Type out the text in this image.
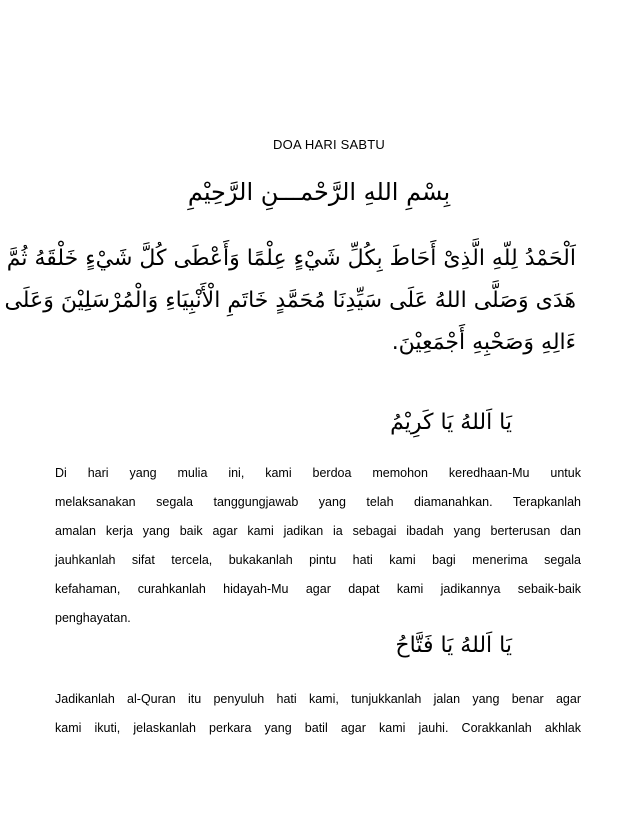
DOA HARI SABTU
بِسْمِ اللهِ الرَّحْمـــنِ الرَّحِيْمِ
اَلْحَمْدُ لِلّهِ الَّذِىْ أَحَاطَ بِكُلِّ شَيْءٍ عِلْمًا وَأَعْطَى كُلَّ شَيْءٍ خَلْقَهُ ثُمَّ
هَدَى وَصَلَّى اللهُ عَلَى سَيِّدِنَا مُحَمَّدٍ خَاتَمِ الْأَنْبِيَاءِ وَالْمُرْسَلِيْنَ وَعَلَى
ءَالِهِ وَصَحْبِهِ أَجْمَعِيْنَ.
يَا اَللهُ يَا كَرِيْمُ
Di hari yang mulia ini, kami berdoa memohon keredhaan-Mu untuk
melaksanakan segala tanggungjawab yang telah diamanahkan. Terapkanlah
amalan kerja yang baik agar kami jadikan ia sebagai ibadah yang berterusan dan
jauhkanlah sifat tercela, bukakanlah pintu hati kami bagi menerima segala
kefahaman, curahkanlah hidayah-Mu agar dapat kami jadikannya sebaik-baik
penghayatan.
يَا اَللهُ يَا فَتَّاحُ
Jadikanlah al-Quran itu penyuluh hati kami, tunjukkanlah jalan yang benar agar
kami ikuti, jelaskanlah perkara yang batil agar kami jauhi. Corakkanlah akhlak
